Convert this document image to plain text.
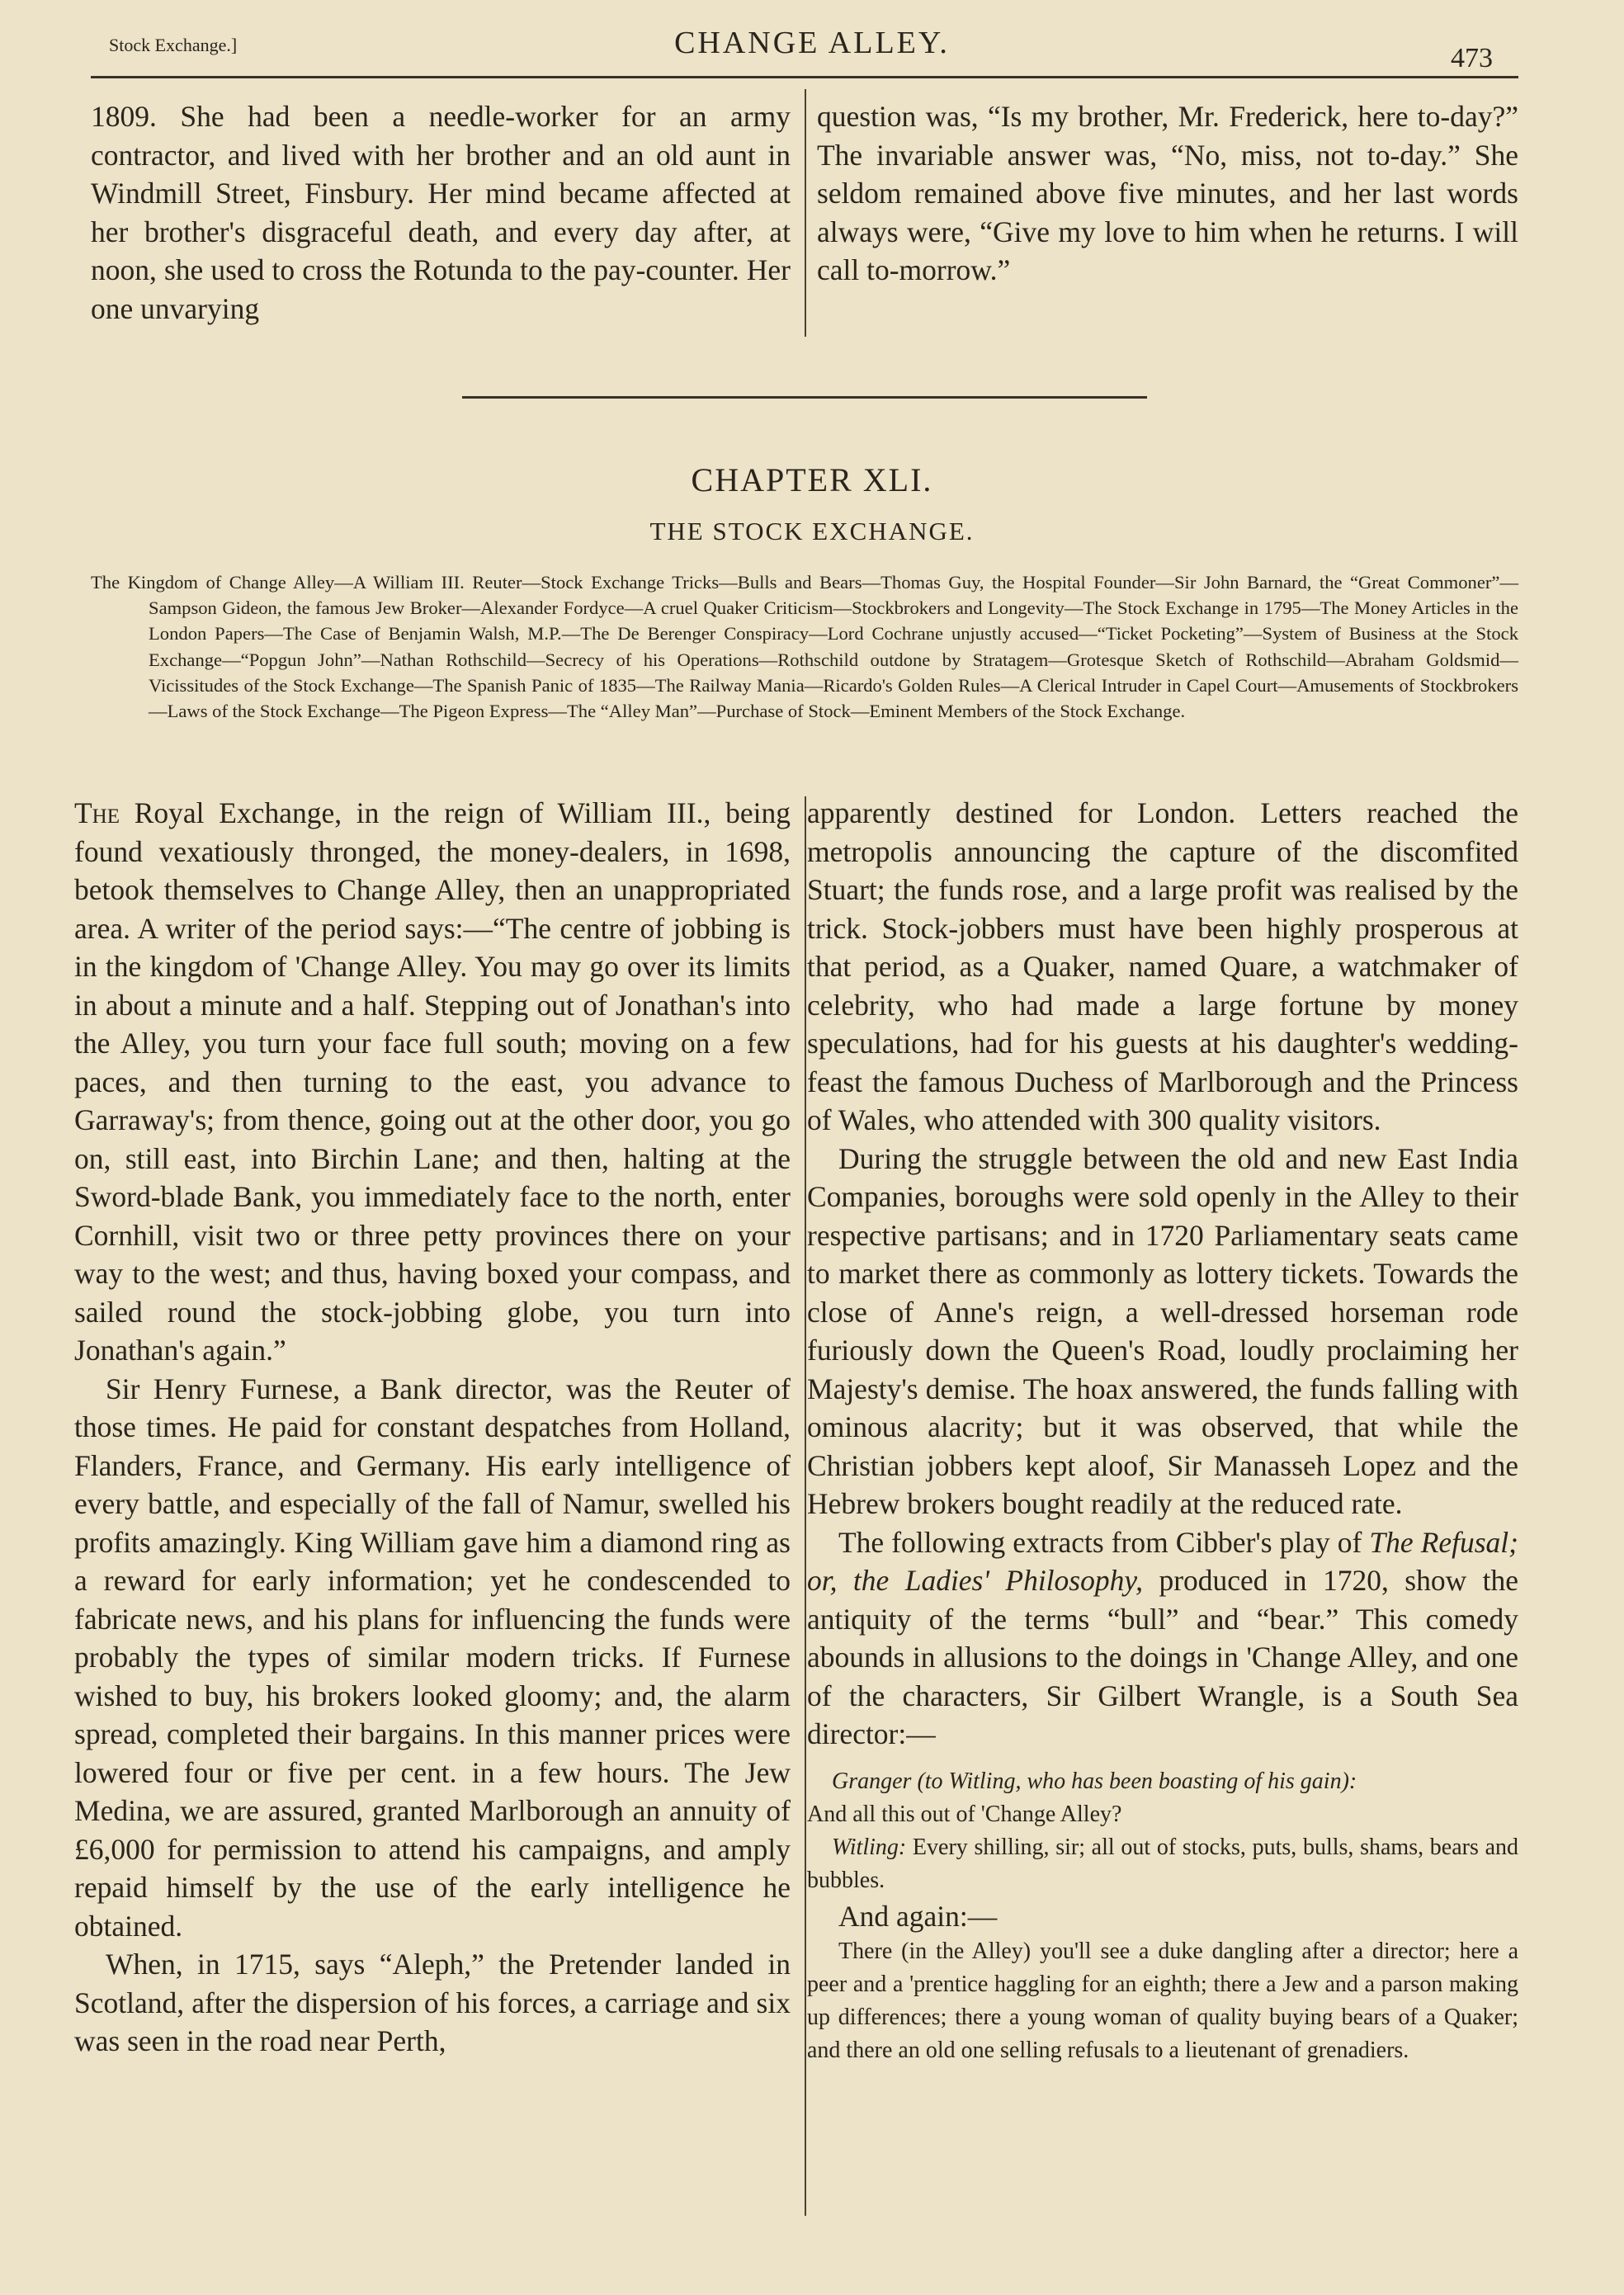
Stock Exchange.]	CHANGE ALLEY.	473

1809. She had been a needle-worker for an army contractor, and lived with her brother and an old aunt in Windmill Street, Finsbury. Her mind became affected at her brother's disgraceful death, and every day after, at noon, she used to cross the Rotunda to the pay-counter. Her one unvarying

question was, “Is my brother, Mr. Frederick, here to-day?” The invariable answer was, “No, miss, not to-day.” She seldom remained above five minutes, and her last words always were, “Give my love to him when he returns. I will call to-morrow.”

CHAPTER XLI.
THE STOCK EXCHANGE.
The Kingdom of Change Alley—A William III. Reuter—Stock Exchange Tricks—Bulls and Bears—Thomas Guy, the Hospital Founder—Sir John Barnard, the “Great Commoner”—Sampson Gideon, the famous Jew Broker—Alexander Fordyce—A cruel Quaker Criticism—Stockbrokers and Longevity—The Stock Exchange in 1795—The Money Articles in the London Papers—The Case of Benjamin Walsh, M.P.—The De Berenger Conspiracy—Lord Cochrane unjustly accused—“Ticket Pocketing”—System of Business at the Stock Exchange—“Popgun John”—Nathan Rothschild—Secrecy of his Operations—Rothschild outdone by Stratagem—Grotesque Sketch of Rothschild—Abraham Goldsmid—Vicissitudes of the Stock Exchange—The Spanish Panic of 1835—The Railway Mania—Ricardo's Golden Rules—A Clerical Intruder in Capel Court—Amusements of Stockbrokers—Laws of the Stock Exchange—The Pigeon Express—The “Alley Man”—Purchase of Stock—Eminent Members of the Stock Exchange.

The Royal Exchange, in the reign of William III., being found vexatiously thronged, the money-dealers, in 1698, betook themselves to Change Alley, then an unappropriated area. A writer of the period says:—“The centre of jobbing is in the kingdom of 'Change Alley. You may go over its limits in about a minute and a half. Stepping out of Jonathan's into the Alley, you turn your face full south; moving on a few paces, and then turning to the east, you advance to Garraway's; from thence, going out at the other door, you go on, still east, into Birchin Lane; and then, halting at the Sword-blade Bank, you immediately face to the north, enter Cornhill, visit two or three petty provinces there on your way to the west; and thus, having boxed your compass, and sailed round the stock-jobbing globe, you turn into Jonathan's again.”

Sir Henry Furnese, a Bank director, was the Reuter of those times. He paid for constant despatches from Holland, Flanders, France, and Germany. His early intelligence of every battle, and especially of the fall of Namur, swelled his profits amazingly. King William gave him a diamond ring as a reward for early information; yet he condescended to fabricate news, and his plans for influencing the funds were probably the types of similar modern tricks. If Furnese wished to buy, his brokers looked gloomy; and, the alarm spread, completed their bargains. In this manner prices were lowered four or five per cent. in a few hours. The Jew Medina, we are assured, granted Marlborough an annuity of £6,000 for permission to attend his campaigns, and amply repaid himself by the use of the early intelligence he obtained.

When, in 1715, says “Aleph,” the Pretender landed in Scotland, after the dispersion of his forces, a carriage and six was seen in the road near Perth,

apparently destined for London. Letters reached the metropolis announcing the capture of the discomfited Stuart; the funds rose, and a large profit was realised by the trick. Stock-jobbers must have been highly prosperous at that period, as a Quaker, named Quare, a watchmaker of celebrity, who had made a large fortune by money speculations, had for his guests at his daughter's wedding-feast the famous Duchess of Marlborough and the Princess of Wales, who attended with 300 quality visitors.

During the struggle between the old and new East India Companies, boroughs were sold openly in the Alley to their respective partisans; and in 1720 Parliamentary seats came to market there as commonly as lottery tickets. Towards the close of Anne's reign, a well-dressed horseman rode furiously down the Queen's Road, loudly proclaiming her Majesty's demise. The hoax answered, the funds falling with ominous alacrity; but it was observed, that while the Christian jobbers kept aloof, Sir Manasseh Lopez and the Hebrew brokers bought readily at the reduced rate.

The following extracts from Cibber's play of The Refusal; or, the Ladies' Philosophy, produced in 1720, show the antiquity of the terms “bull” and “bear.” This comedy abounds in allusions to the doings in 'Change Alley, and one of the characters, Sir Gilbert Wrangle, is a South Sea director:—

Granger (to Witling, who has been boasting of his gain):

And all this out of 'Change Alley?

Witling: Every shilling, sir; all out of stocks, puts, bulls, shams, bears and bubbles.

And again:—

There (in the Alley) you'll see a duke dangling after a director; here a peer and a 'prentice haggling for an eighth; there a Jew and a parson making up differences; there a young woman of quality buying bears of a Quaker; and there an old one selling refusals to a lieutenant of grenadiers.
